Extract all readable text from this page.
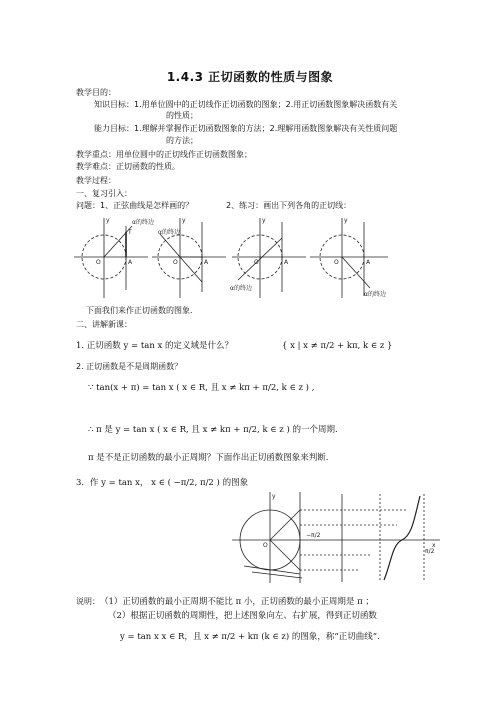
1.4.3 正切函数的性质与图象
教学目的：
知识目标： 1.用单位圆中的正切线作正切函数的图象；2.用正切函数图象解决函数有关
的性质；
能力目标： 1.理解并掌握作正切函数图象的方法；2.理解用函数图象解决有关性质问题
的方法；
教学重点：用单位圆中的正切线作正切函数图象；
教学难点：正切函数的性质。
教学过程：
一、复习引入：
问题：1、正弦曲线是怎样画的？	2、练习：画出下列各角的正切线：
y
O	A
T
α的终边	y
O	A
α的终边
y
O	A
α的终边
y
O	A
α的终边
下面我们来作正切函数的图象．
二、讲解新课：
1. 正切函数 y = tan x 的定义域是什么？	{ x | x ≠ π/2 + kπ, k ∈ z }
2. 正切函数是不是周期函数？
∵ tan(x + π) = tan x ( x ∈ R, 且 x ≠ kπ + π/2, k ∈ z ) ,
∴ π 是 y = tan x ( x ∈ R, 且 x ≠ kπ + π/2, k ∈ z ) 的一个周期.
π 是不是正切函数的最小正周期？下面作出正切函数图象来判断.
3．作 y = tan x， x ∈ ( −π/2, π/2 ) 的图象
y
x
O
π/2
−π/2
说明： （1）正切函数的最小正周期不能比 π 小，正切函数的最小正周期是 π ；
（2）根据正切函数的周期性，把上述图象向左、右扩展，得到正切函数
y = tan x x ∈ R，且 x ≠ π/2 + kπ (k ∈ z) 的图象，称“正切曲线”.
